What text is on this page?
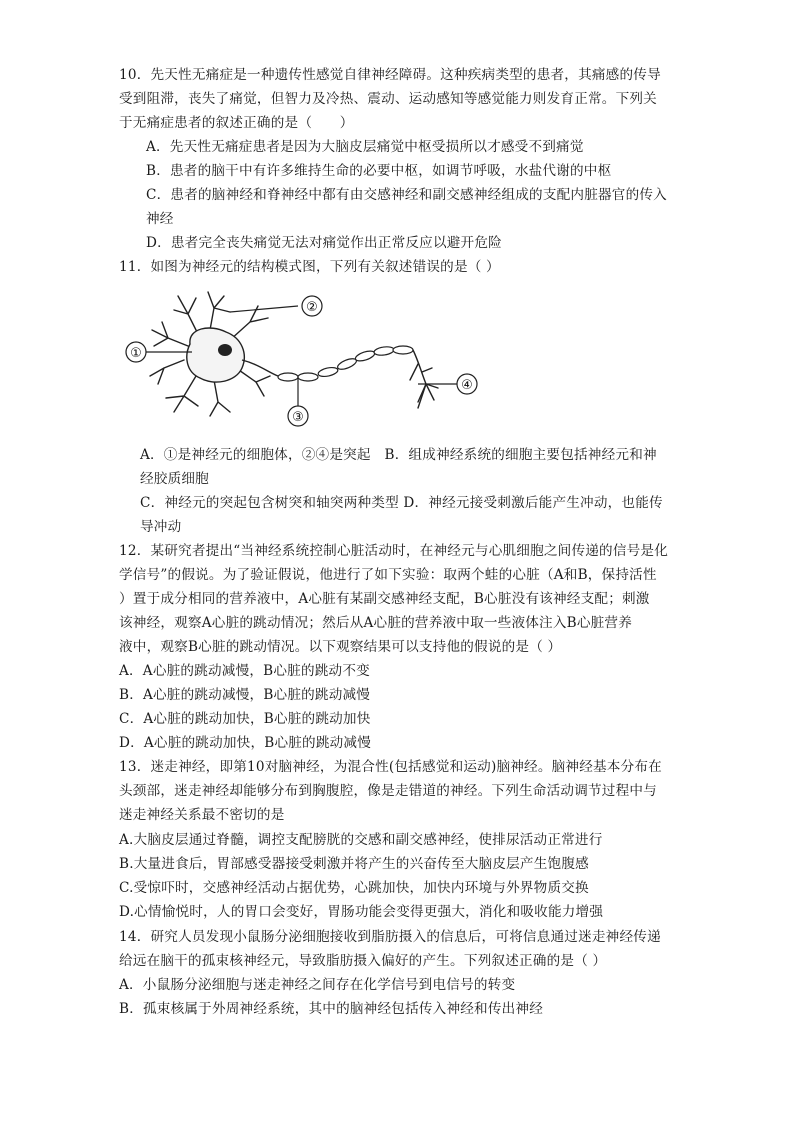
10．先天性无痛症是一种遗传性感觉自律神经障碍。这种疾病类型的患者，其痛感的传导
受到阻滞，丧失了痛觉，但智力及冷热、震动、运动感知等感觉能力则发育正常。下列关
于无痛症患者的叙述正确的是（　　）
A．先天性无痛症患者是因为大脑皮层痛觉中枢受损所以才感受不到痛觉
B．患者的脑干中有许多维持生命的必要中枢，如调节呼吸，水盐代谢的中枢
C．患者的脑神经和脊神经中都有由交感神经和副交感神经组成的支配内脏器官的传入
神经
D．患者完全丧失痛觉无法对痛觉作出正常反应以避开危险
11．如图为神经元的结构模式图，下列有关叙述错误的是（ ）
①
②
③
④
A．①是神经元的细胞体，②④是突起　B．组成神经系统的细胞主要包括神经元和神
经胶质细胞
C．神经元的突起包含树突和轴突两种类型 D．神经元接受刺激后能产生冲动，也能传
导冲动
12．某研究者提出“当神经系统控制心脏活动时，在神经元与心肌细胞之间传递的信号是化
学信号”的假说。为了验证假说，他进行了如下实验：取两个蛙的心脏（A和B，保持活性
）置于成分相同的营养液中，A心脏有某副交感神经支配，B心脏没有该神经支配；刺激
该神经，观察A心脏的跳动情况；然后从A心脏的营养液中取一些液体注入B心脏营养
液中，观察B心脏的跳动情况。以下观察结果可以支持他的假说的是（ ）
A．A心脏的跳动减慢，B心脏的跳动不变
B．A心脏的跳动减慢，B心脏的跳动减慢
C．A心脏的跳动加快，B心脏的跳动加快
D．A心脏的跳动加快，B心脏的跳动减慢
13．迷走神经，即第10对脑神经，为混合性(包括感觉和运动)脑神经。脑神经基本分布在
头颈部，迷走神经却能够分布到胸腹腔，像是走错道的神经。下列生命活动调节过程中与
迷走神经关系最不密切的是
A.大脑皮层通过脊髓，调控支配膀胱的交感和副交感神经，使排尿活动正常进行
B.大量进食后，胃部感受器接受刺激并将产生的兴奋传至大脑皮层产生饱腹感
C.受惊吓时，交感神经活动占据优势，心跳加快，加快内环境与外界物质交换
D.心情愉悦时，人的胃口会变好，胃肠功能会变得更强大，消化和吸收能力增强
14．研究人员发现小鼠肠分泌细胞接收到脂肪摄入的信息后，可将信息通过迷走神经传递
给远在脑干的孤束核神经元，导致脂肪摄入偏好的产生。下列叙述正确的是（ ）
A．小鼠肠分泌细胞与迷走神经之间存在化学信号到电信号的转变
B．孤束核属于外周神经系统，其中的脑神经包括传入神经和传出神经
